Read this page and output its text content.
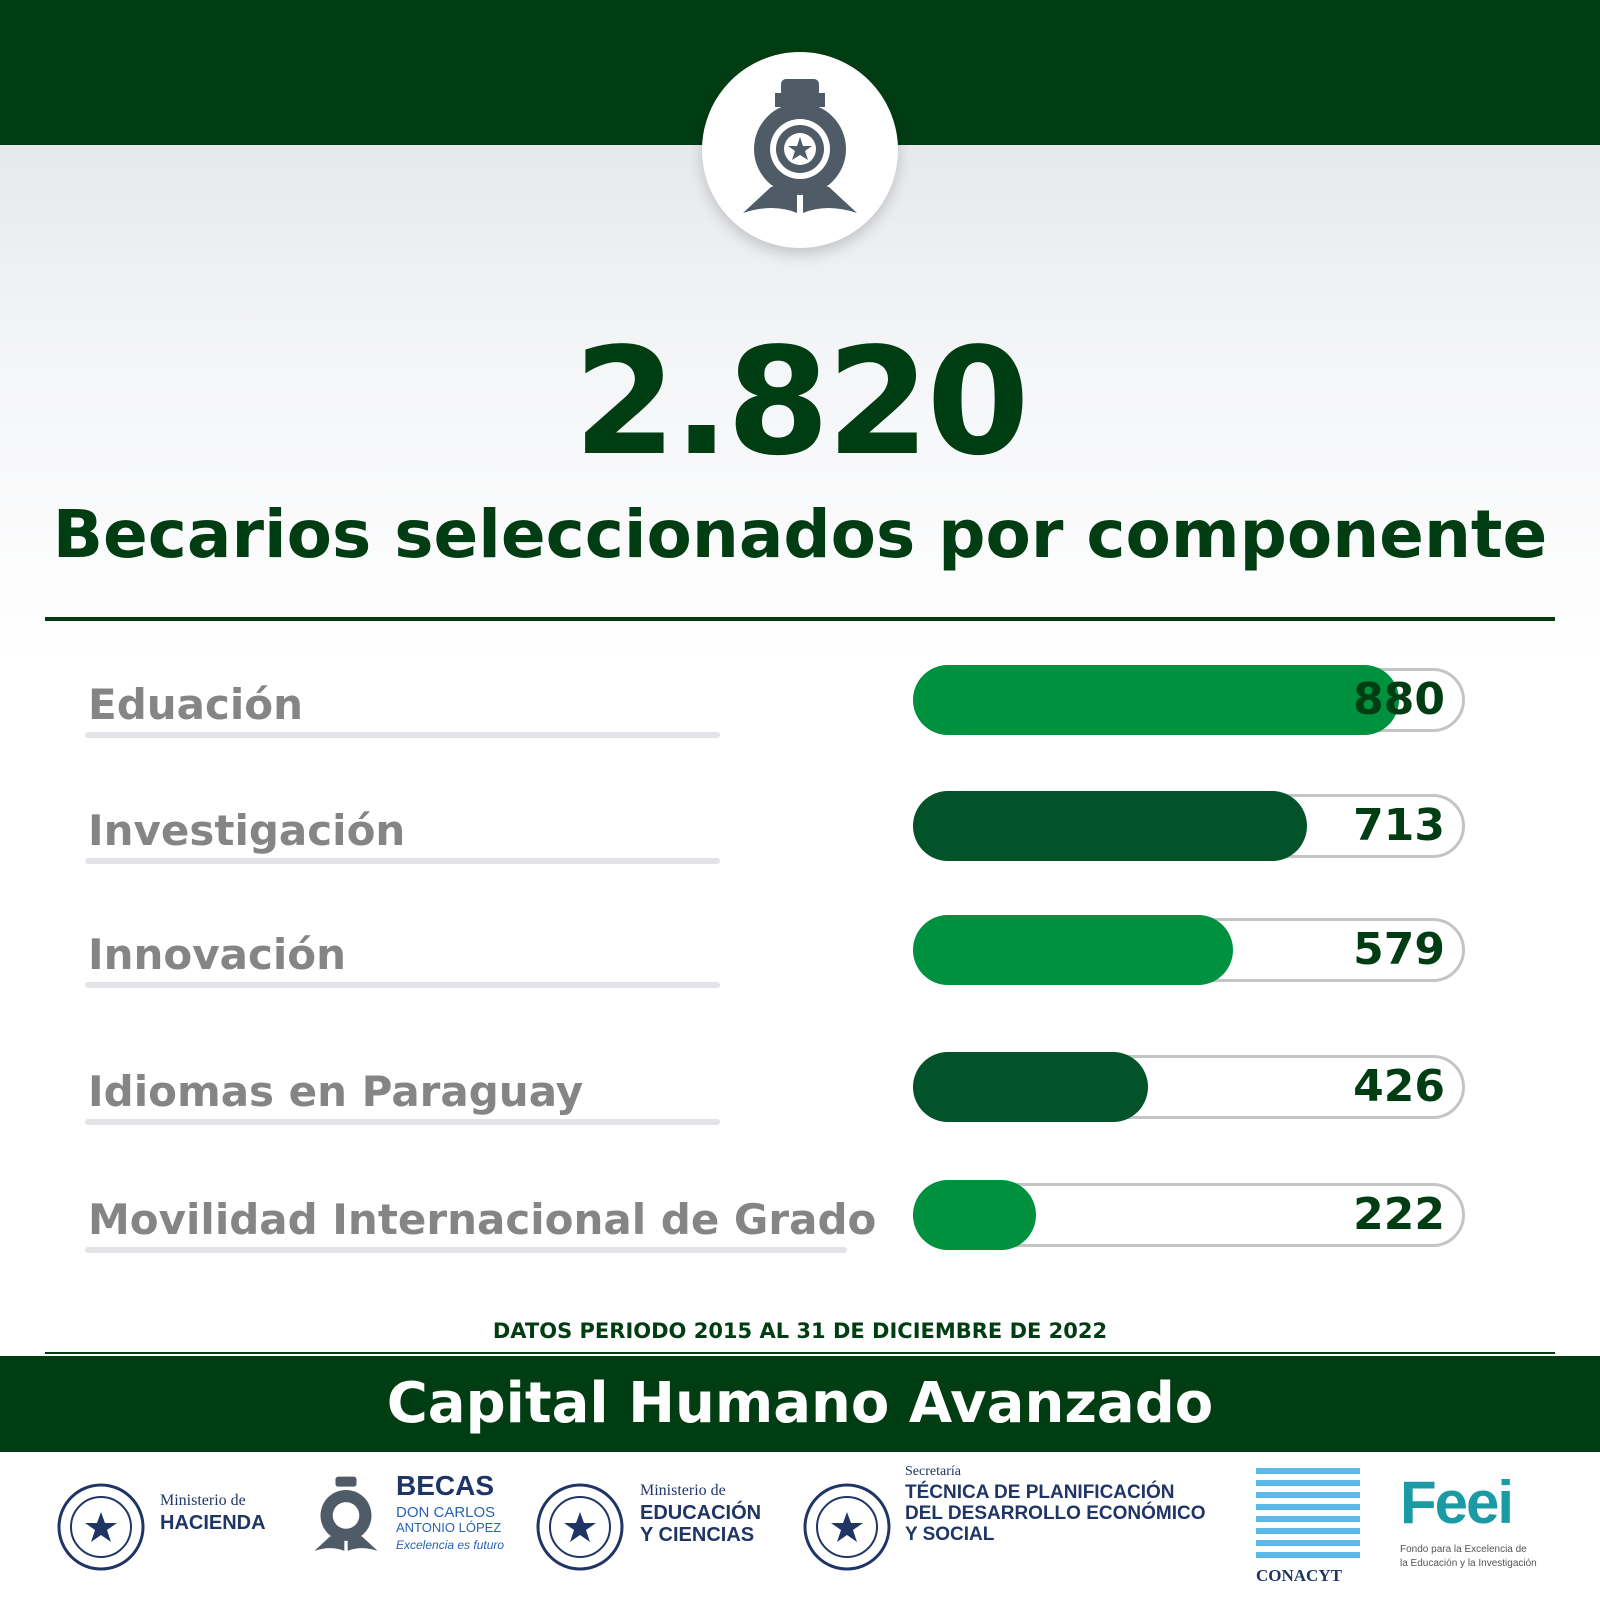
2.820
Becarios seleccionados por componente
Eduación	880
Investigación	713
Innovación	579
Idiomas en Paraguay	426
Movilidad Internacional de Grado	222
DATOS PERIODO 2015 AL 31 DE DICIEMBRE DE 2022
Capital Humano Avanzado
Ministerio de
HACIENDA
BECAS
DON CARLOS
ANTONIO LÓPEZ
Excelencia es futuro
Ministerio de
EDUCACIÓN
Y CIENCIAS
Secretaría
TÉCNICA DE PLANIFICACIÓN
DEL DESARROLLO ECONÓMICO
Y SOCIAL
CONACYT
Feei
Fondo para la Excelencia de
la Educación y la Investigación
